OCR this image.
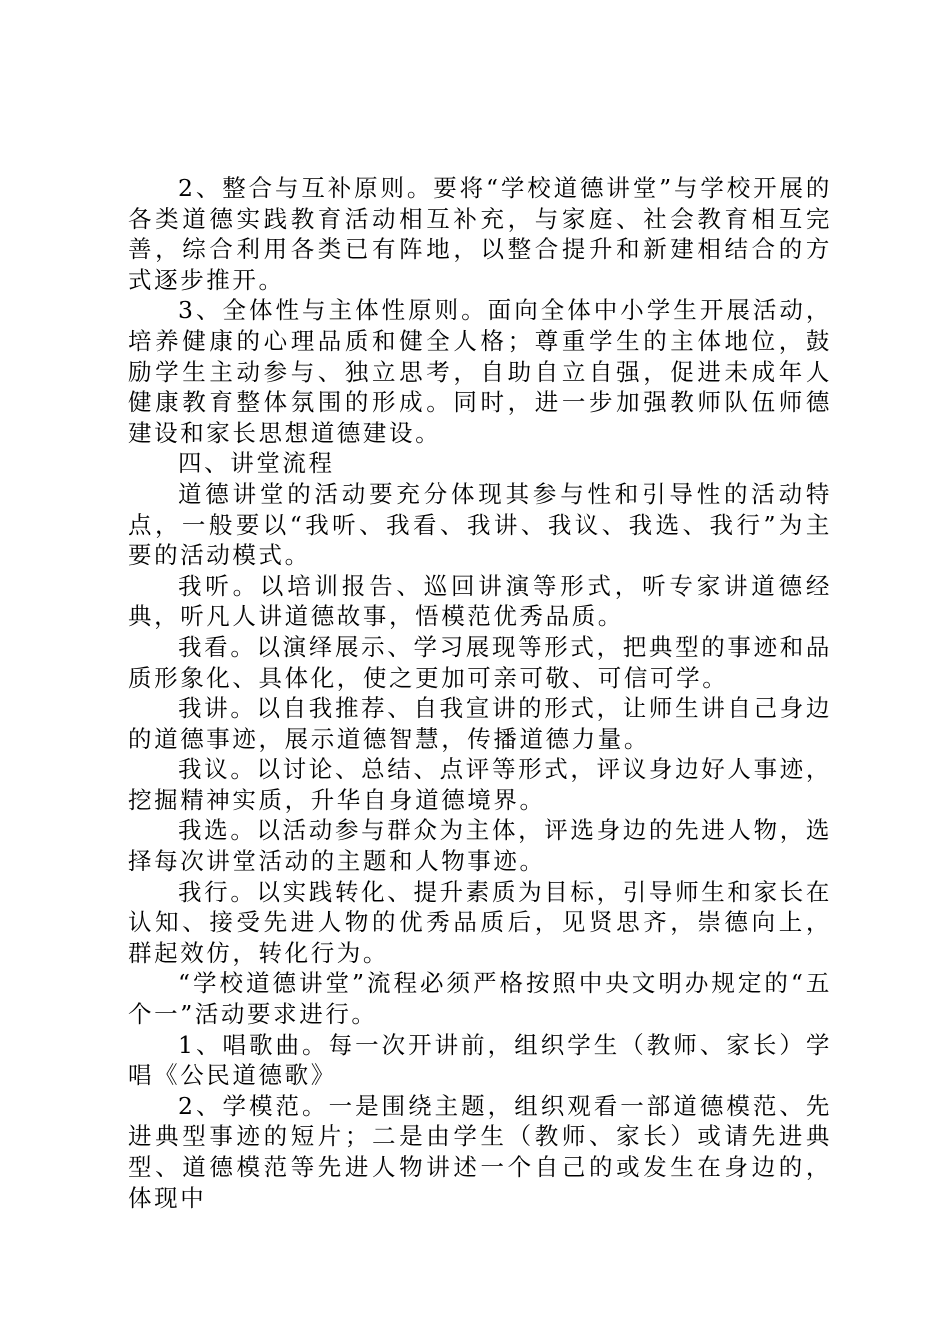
2、整合与互补原则。要将“学校道德讲堂”与学校开展的各类道德实践教育活动相互补充，与家庭、社会教育相互完善，综合利用各类已有阵地，以整合提升和新建相结合的方式逐步推开。

3、全体性与主体性原则。面向全体中小学生开展活动，培养健康的心理品质和健全人格；尊重学生的主体地位，鼓励学生主动参与、独立思考，自助自立自强，促进未成年人健康教育整体氛围的形成。同时，进一步加强教师队伍师德建设和家长思想道德建设。

四、讲堂流程

道德讲堂的活动要充分体现其参与性和引导性的活动特点，一般要以“我听、我看、我讲、我议、我选、我行”为主要的活动模式。

我听。以培训报告、巡回讲演等形式，听专家讲道德经典，听凡人讲道德故事，悟模范优秀品质。

我看。以演绎展示、学习展现等形式，把典型的事迹和品质形象化、具体化，使之更加可亲可敬、可信可学。

我讲。以自我推荐、自我宣讲的形式，让师生讲自己身边的道德事迹，展示道德智慧，传播道德力量。

我议。以讨论、总结、点评等形式，评议身边好人事迹，挖掘精神实质，升华自身道德境界。

我选。以活动参与群众为主体，评选身边的先进人物，选择每次讲堂活动的主题和人物事迹。

我行。以实践转化、提升素质为目标，引导师生和家长在认知、接受先进人物的优秀品质后，见贤思齐，崇德向上，群起效仿，转化行为。

“学校道德讲堂”流程必须严格按照中央文明办规定的“五个一”活动要求进行。

1、唱歌曲。每一次开讲前，组织学生（教师、家长）学唱《公民道德歌》

2、学模范。一是围绕主题，组织观看一部道德模范、先进典型事迹的短片；二是由学生（教师、家长）或请先进典型、道德模范等先进人物讲述一个自己的或发生在身边的，体现中
